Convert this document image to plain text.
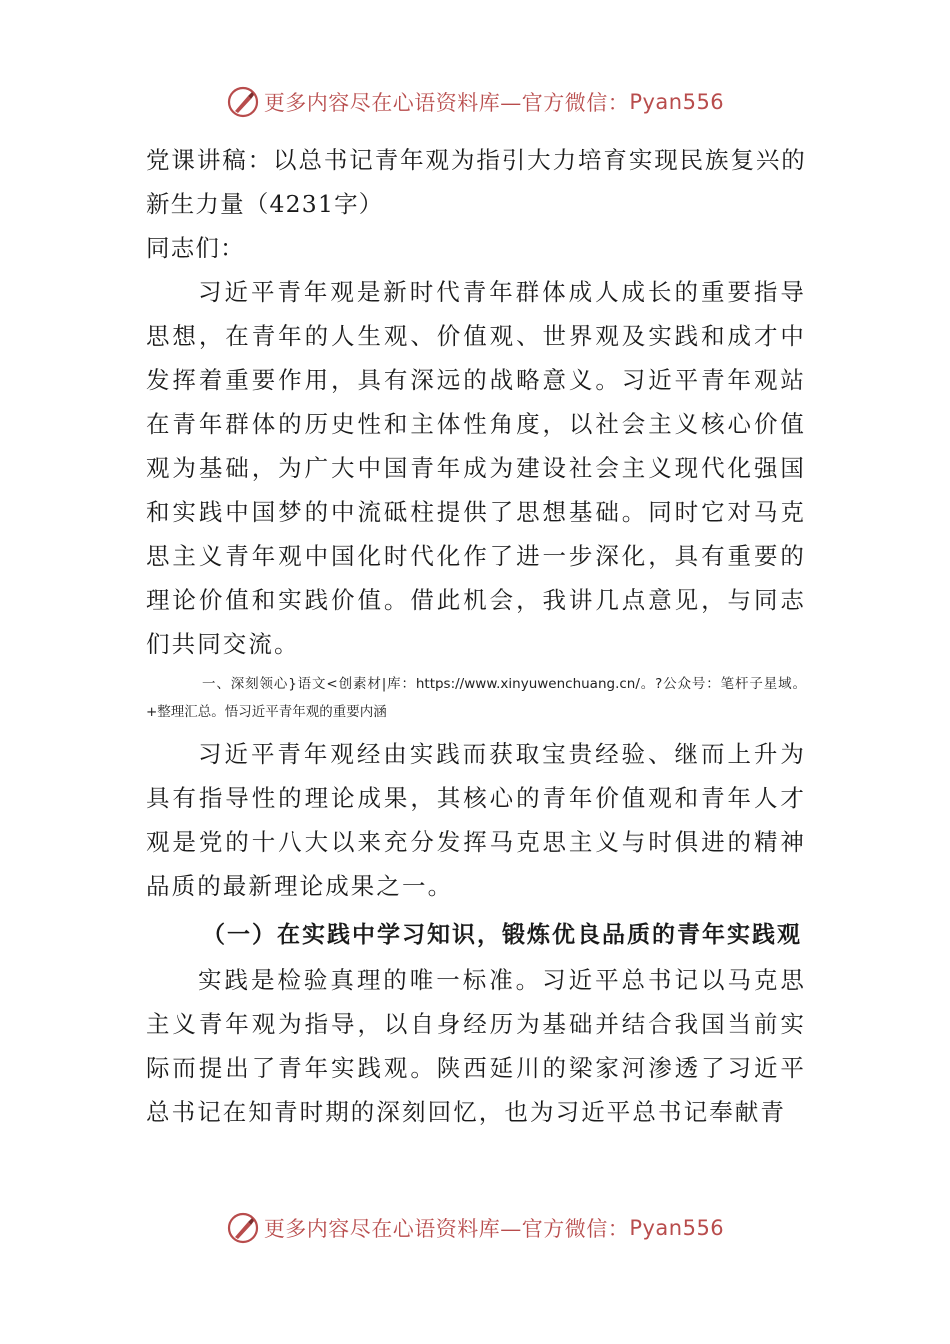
更多内容尽在心语资料库—官方微信： Pyan556

党课讲稿：以总书记青年观为指引大力培育实现民族复兴的新生力量（4231字）

同志们：

习近平青年观是新时代青年群体成人成长的重要指导思想，在青年的人生观、价值观、世界观及实践和成才中发挥着重要作用，具有深远的战略意义。习近平青年观站在青年群体的历史性和主体性角度，以社会主义核心价值观为基础，为广大中国青年成为建设社会主义现代化强国和实践中国梦的中流砥柱提供了思想基础。同时它对马克思主义青年观中国化时代化作了进一步深化，具有重要的理论价值和实践价值。借此机会，我讲几点意见，与同志们共同交流。

一、深刻领心}语文<创素材|库：https://www.xinyuwenchuang.cn/。?公众号：笔杆子星域。+整理汇总。悟习近平青年观的重要内涵

习近平青年观经由实践而获取宝贵经验、继而上升为具有指导性的理论成果，其核心的青年价值观和青年人才观是党的十八大以来充分发挥马克思主义与时俱进的精神品质的最新理论成果之一。

（一）在实践中学习知识，锻炼优良品质的青年实践观

实践是检验真理的唯一标准。习近平总书记以马克思主义青年观为指导，以自身经历为基础并结合我国当前实际而提出了青年实践观。陕西延川的梁家河渗透了习近平总书记在知青时期的深刻回忆，也为习近平总书记奉献青

更多内容尽在心语资料库—官方微信： Pyan556
